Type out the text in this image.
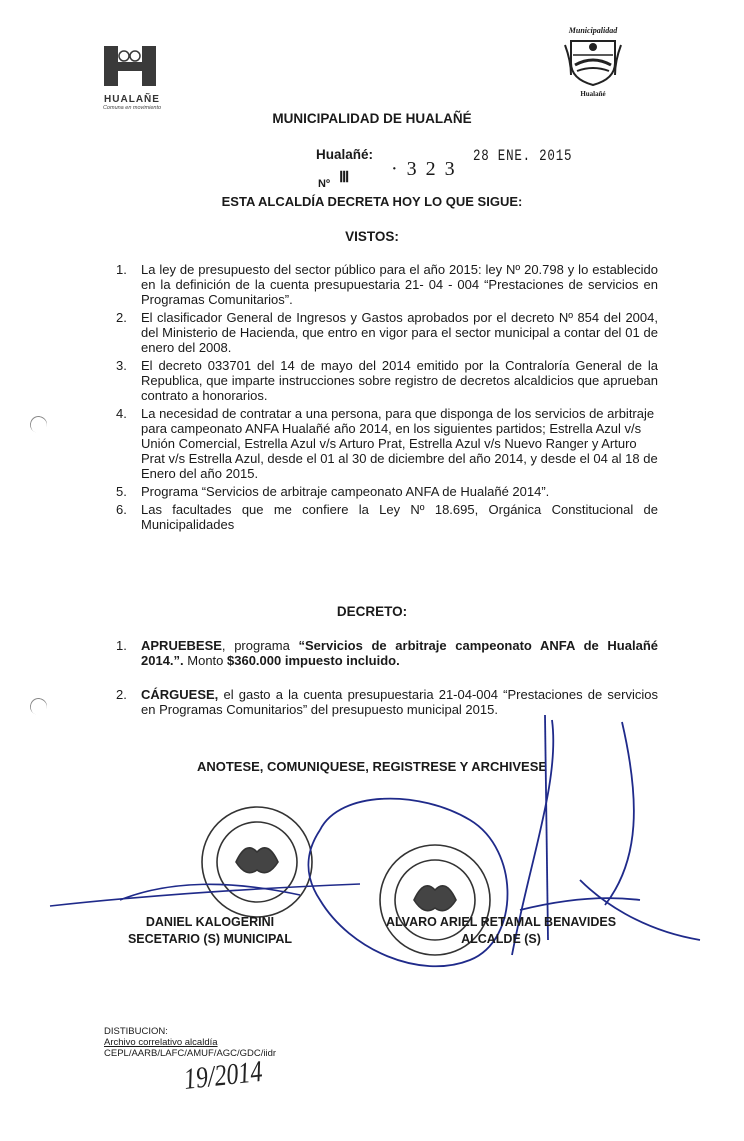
HUALAÑE
Comuna en movimiento
Municipalidad
Hualañé
MUNICIPALIDAD DE HUALAÑÉ
Hualañé:	28 ENE. 2015
Nº Ⅲ · 3 2 3
ESTA ALCALDÍA DECRETA HOY LO QUE SIGUE:
VISTOS:
1. La ley de presupuesto del sector público para el año 2015: ley Nº 20.798 y lo establecido en la definición de la cuenta presupuestaria 21- 04 - 004 “Prestaciones de servicios en Programas Comunitarios”.
2. El clasificador General de Ingresos y Gastos aprobados por el decreto Nº 854 del 2004, del Ministerio de Hacienda, que entro en vigor para el sector municipal a contar del 01 de enero del 2008.
3. El decreto 033701 del 14 de mayo del 2014 emitido por la Contraloría General de la Republica, que imparte instrucciones sobre registro de decretos alcaldicios que aprueban contrato a honorarios.
4. La necesidad de contratar a una persona, para que disponga de los servicios de arbitraje para campeonato ANFA Hualañé año 2014, en los siguientes partidos; Estrella Azul v/s Unión Comercial, Estrella Azul v/s Arturo Prat, Estrella Azul v/s Nuevo Ranger y Arturo Prat v/s Estrella Azul, desde el 01 al 30 de diciembre del año 2014, y desde el 04 al 18 de Enero del año 2015.
5. Programa “Servicios de arbitraje campeonato ANFA de Hualañé 2014”.
6. Las facultades que me confiere la Ley Nº 18.695, Orgánica Constitucional de Municipalidades
DECRETO:
1. APRUEBESE, programa “Servicios de arbitraje campeonato ANFA de Hualañé 2014.”. Monto $360.000 impuesto incluido.
2. CÁRGUESE, el gasto a la cuenta presupuestaria 21-04-004 “Prestaciones de servicios en Programas Comunitarios” del presupuesto municipal 2015.
ANOTESE, COMUNIQUESE, REGISTRESE Y ARCHIVESE
DANIEL KALOGERINI
SECETARIO (S) MUNICIPAL
ALVARO ARIEL RETAMAL BENAVIDES
ALCALDE (S)
DISTIBUCION:
Archivo correlativo alcaldía
CEPL/AARB/LAFC/AMUF/AGC/GDC/iidr
19/2014
